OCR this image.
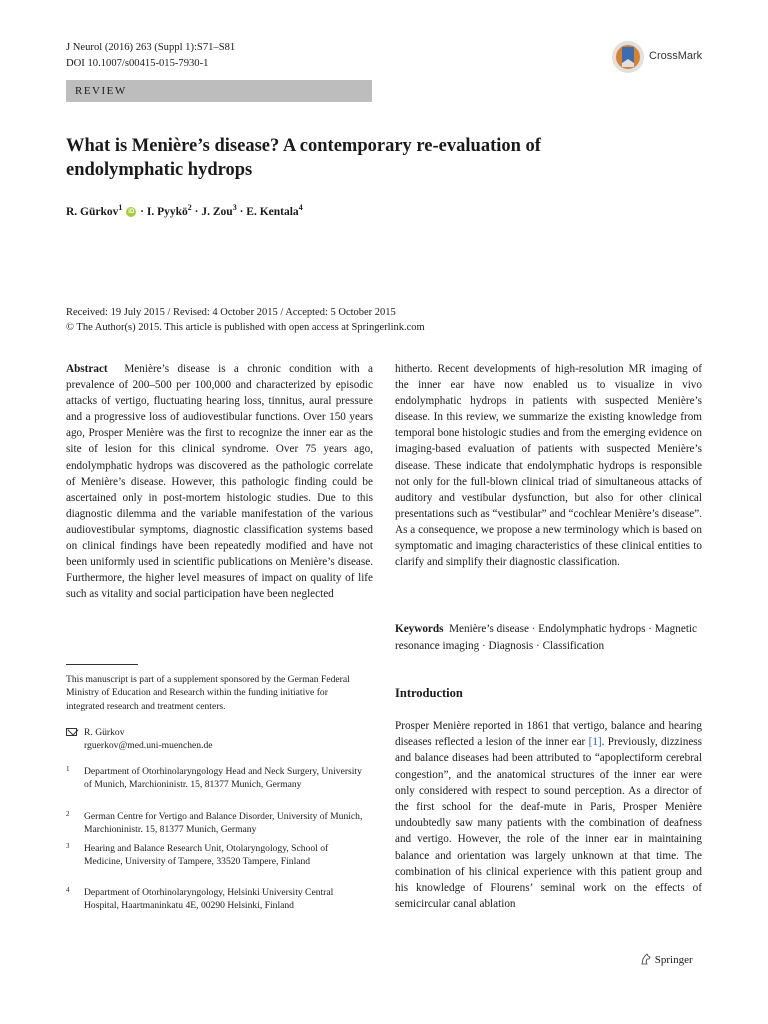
J Neurol (2016) 263 (Suppl 1):S71–S81
DOI 10.1007/s00415-015-7930-1
CrossMark
REVIEW
What is Menière’s disease? A contemporary re-evaluation of endolymphatic hydrops
R. Gürkov$^1$ iD · I. Pyykö$^2$ · J. Zou$^3$ · E. Kentala$^4$
Received: 19 July 2015 / Revised: 4 October 2015 / Accepted: 5 October 2015
© The Author(s) 2015. This article is published with open access at Springerlink.com
Abstract Menière’s disease is a chronic condition with a prevalence of 200–500 per 100,000 and characterized by episodic attacks of vertigo, fluctuating hearing loss, tinnitus, aural pressure and a progressive loss of audiovestibular functions. Over 150 years ago, Prosper Menière was the first to recognize the inner ear as the site of lesion for this clinical syndrome. Over 75 years ago, endolymphatic hydrops was discovered as the pathologic correlate of Menière’s disease. However, this pathologic finding could be ascertained only in post-mortem histologic studies. Due to this diagnostic dilemma and the variable manifestation of the various audiovestibular symptoms, diagnostic classification systems based on clinical findings have been repeatedly modified and have not been uniformly used in scientific publications on Menière’s disease. Furthermore, the higher level measures of impact on quality of life such as vitality and social participation have been neglected
hitherto. Recent developments of high-resolution MR imaging of the inner ear have now enabled us to visualize in vivo endolymphatic hydrops in patients with suspected Menière’s disease. In this review, we summarize the existing knowledge from temporal bone histologic studies and from the emerging evidence on imaging-based evaluation of patients with suspected Menière’s disease. These indicate that endolymphatic hydrops is responsible not only for the full-blown clinical triad of simultaneous attacks of auditory and vestibular dysfunction, but also for other clinical presentations such as “vestibular” and “cochlear Menière’s disease”. As a consequence, we propose a new terminology which is based on symptomatic and imaging characteristics of these clinical entities to clarify and simplify their diagnostic classification.
Keywords Menière’s disease · Endolymphatic hydrops · Magnetic resonance imaging · Diagnosis · Classification
This manuscript is part of a supplement sponsored by the German Federal Ministry of Education and Research within the funding initiative for integrated research and treatment centers.
R. Gürkov
rguerkov@med.uni-muenchen.de
1 Department of Otorhinolaryngology Head and Neck Surgery, University of Munich, Marchioninistr. 15, 81377 Munich, Germany
2 German Centre for Vertigo and Balance Disorder, University of Munich, Marchioninistr. 15, 81377 Munich, Germany
3 Hearing and Balance Research Unit, Otolaryngology, School of Medicine, University of Tampere, 33520 Tampere, Finland
4 Department of Otorhinolaryngology, Helsinki University Central Hospital, Haartmaninkatu 4E, 00290 Helsinki, Finland
Introduction
Prosper Menière reported in 1861 that vertigo, balance and hearing diseases reflected a lesion of the inner ear [1]. Previously, dizziness and balance diseases had been attributed to “apoplectiform cerebral congestion”, and the anatomical structures of the inner ear were only considered with respect to sound perception. As a director of the first school for the deaf-mute in Paris, Prosper Menière undoubtedly saw many patients with the combination of deafness and vertigo. However, the role of the inner ear in maintaining balance and orientation was largely unknown at that time. The combination of his clinical experience with this patient group and his knowledge of Flourens’ seminal work on the effects of semicircular canal ablation
Springer
